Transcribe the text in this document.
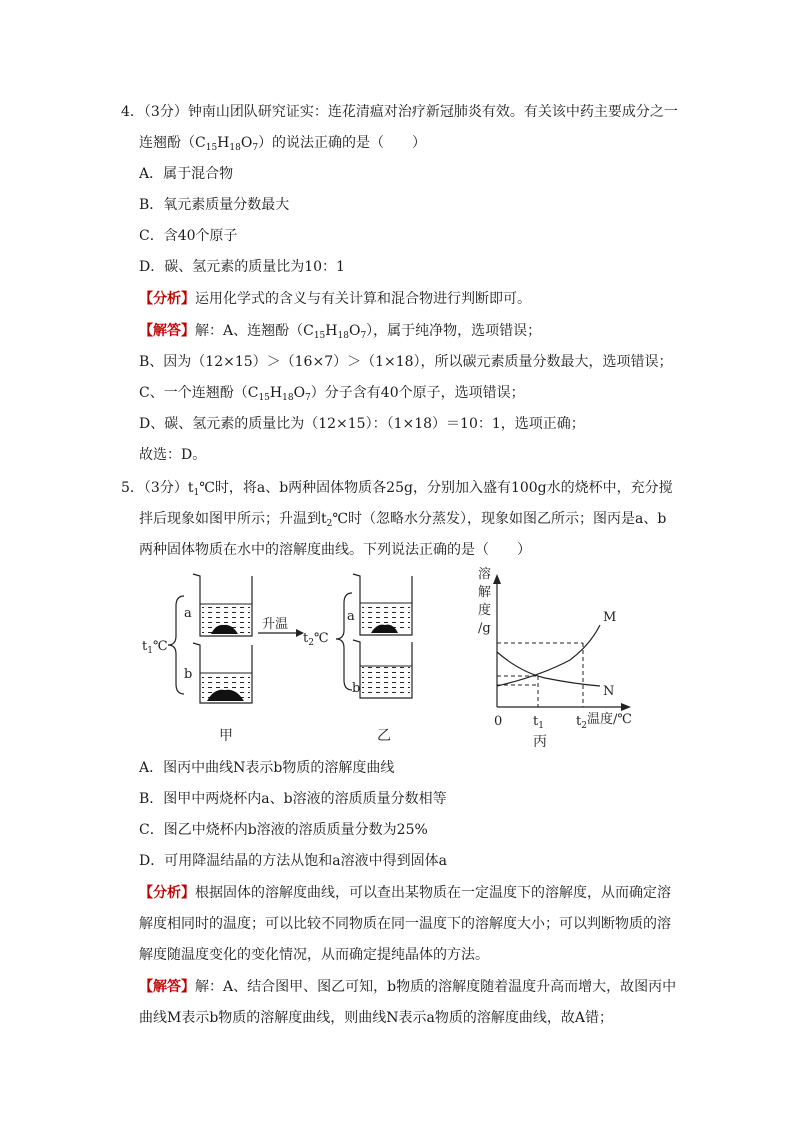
4．（3分）钟南山团队研究证实：连花清瘟对治疗新冠肺炎有效。有关该中药主要成分之一
连翘酚$(C_{15}H_{18}O_7)$的说法正确的是（　　）
A．属于混合物
B．氧元素质量分数最大
C．含40个原子
D．碳、氢元素的质量比为10：1
【分析】运用化学式的含义与有关计算和混合物进行判断即可。
【解答】解：A、连翘酚$(C_{15}H_{18}O_7)$，属于纯净物，选项错误；
B、因为（12×15）＞（16×7）＞（1×18），所以碳元素质量分数最大，选项错误；
C、一个连翘酚$(C_{15}H_{18}O_7)$分子含有40个原子，选项错误；
D、碳、氢元素的质量比为（12×15）：（1×18）＝10：1，选项正确；
故选：D。
5．（3分）$t_1℃$时，将a、b两种固体物质各25g，分别加入盛有100g水的烧杯中，充分搅
拌后现象如图甲所示；升温到$t_2℃$时（忽略水分蒸发），现象如图乙所示；图丙是a、b
两种固体物质在水中的溶解度曲线。下列说法正确的是（　　）
$t_1℃$
a
b
甲
升温
$t_2℃$
a
b
乙
溶
解
度
/g
M
N
0 $t_1$ $t_2$ 温度/℃
丙
A．图丙中曲线N表示b物质的溶解度曲线
B．图甲中两烧杯内a、b溶液的溶质质量分数相等
C．图乙中烧杯内b溶液的溶质质量分数为25%
D．可用降温结晶的方法从饱和a溶液中得到固体a
【分析】根据固体的溶解度曲线，可以查出某物质在一定温度下的溶解度，从而确定溶
解度相同时的温度；可以比较不同物质在同一温度下的溶解度大小；可以判断物质的溶
解度随温度变化的变化情况，从而确定提纯晶体的方法。
【解答】解：A、结合图甲、图乙可知，b物质的溶解度随着温度升高而增大，故图丙中
曲线M表示b物质的溶解度曲线，则曲线N表示a物质的溶解度曲线，故A错；
